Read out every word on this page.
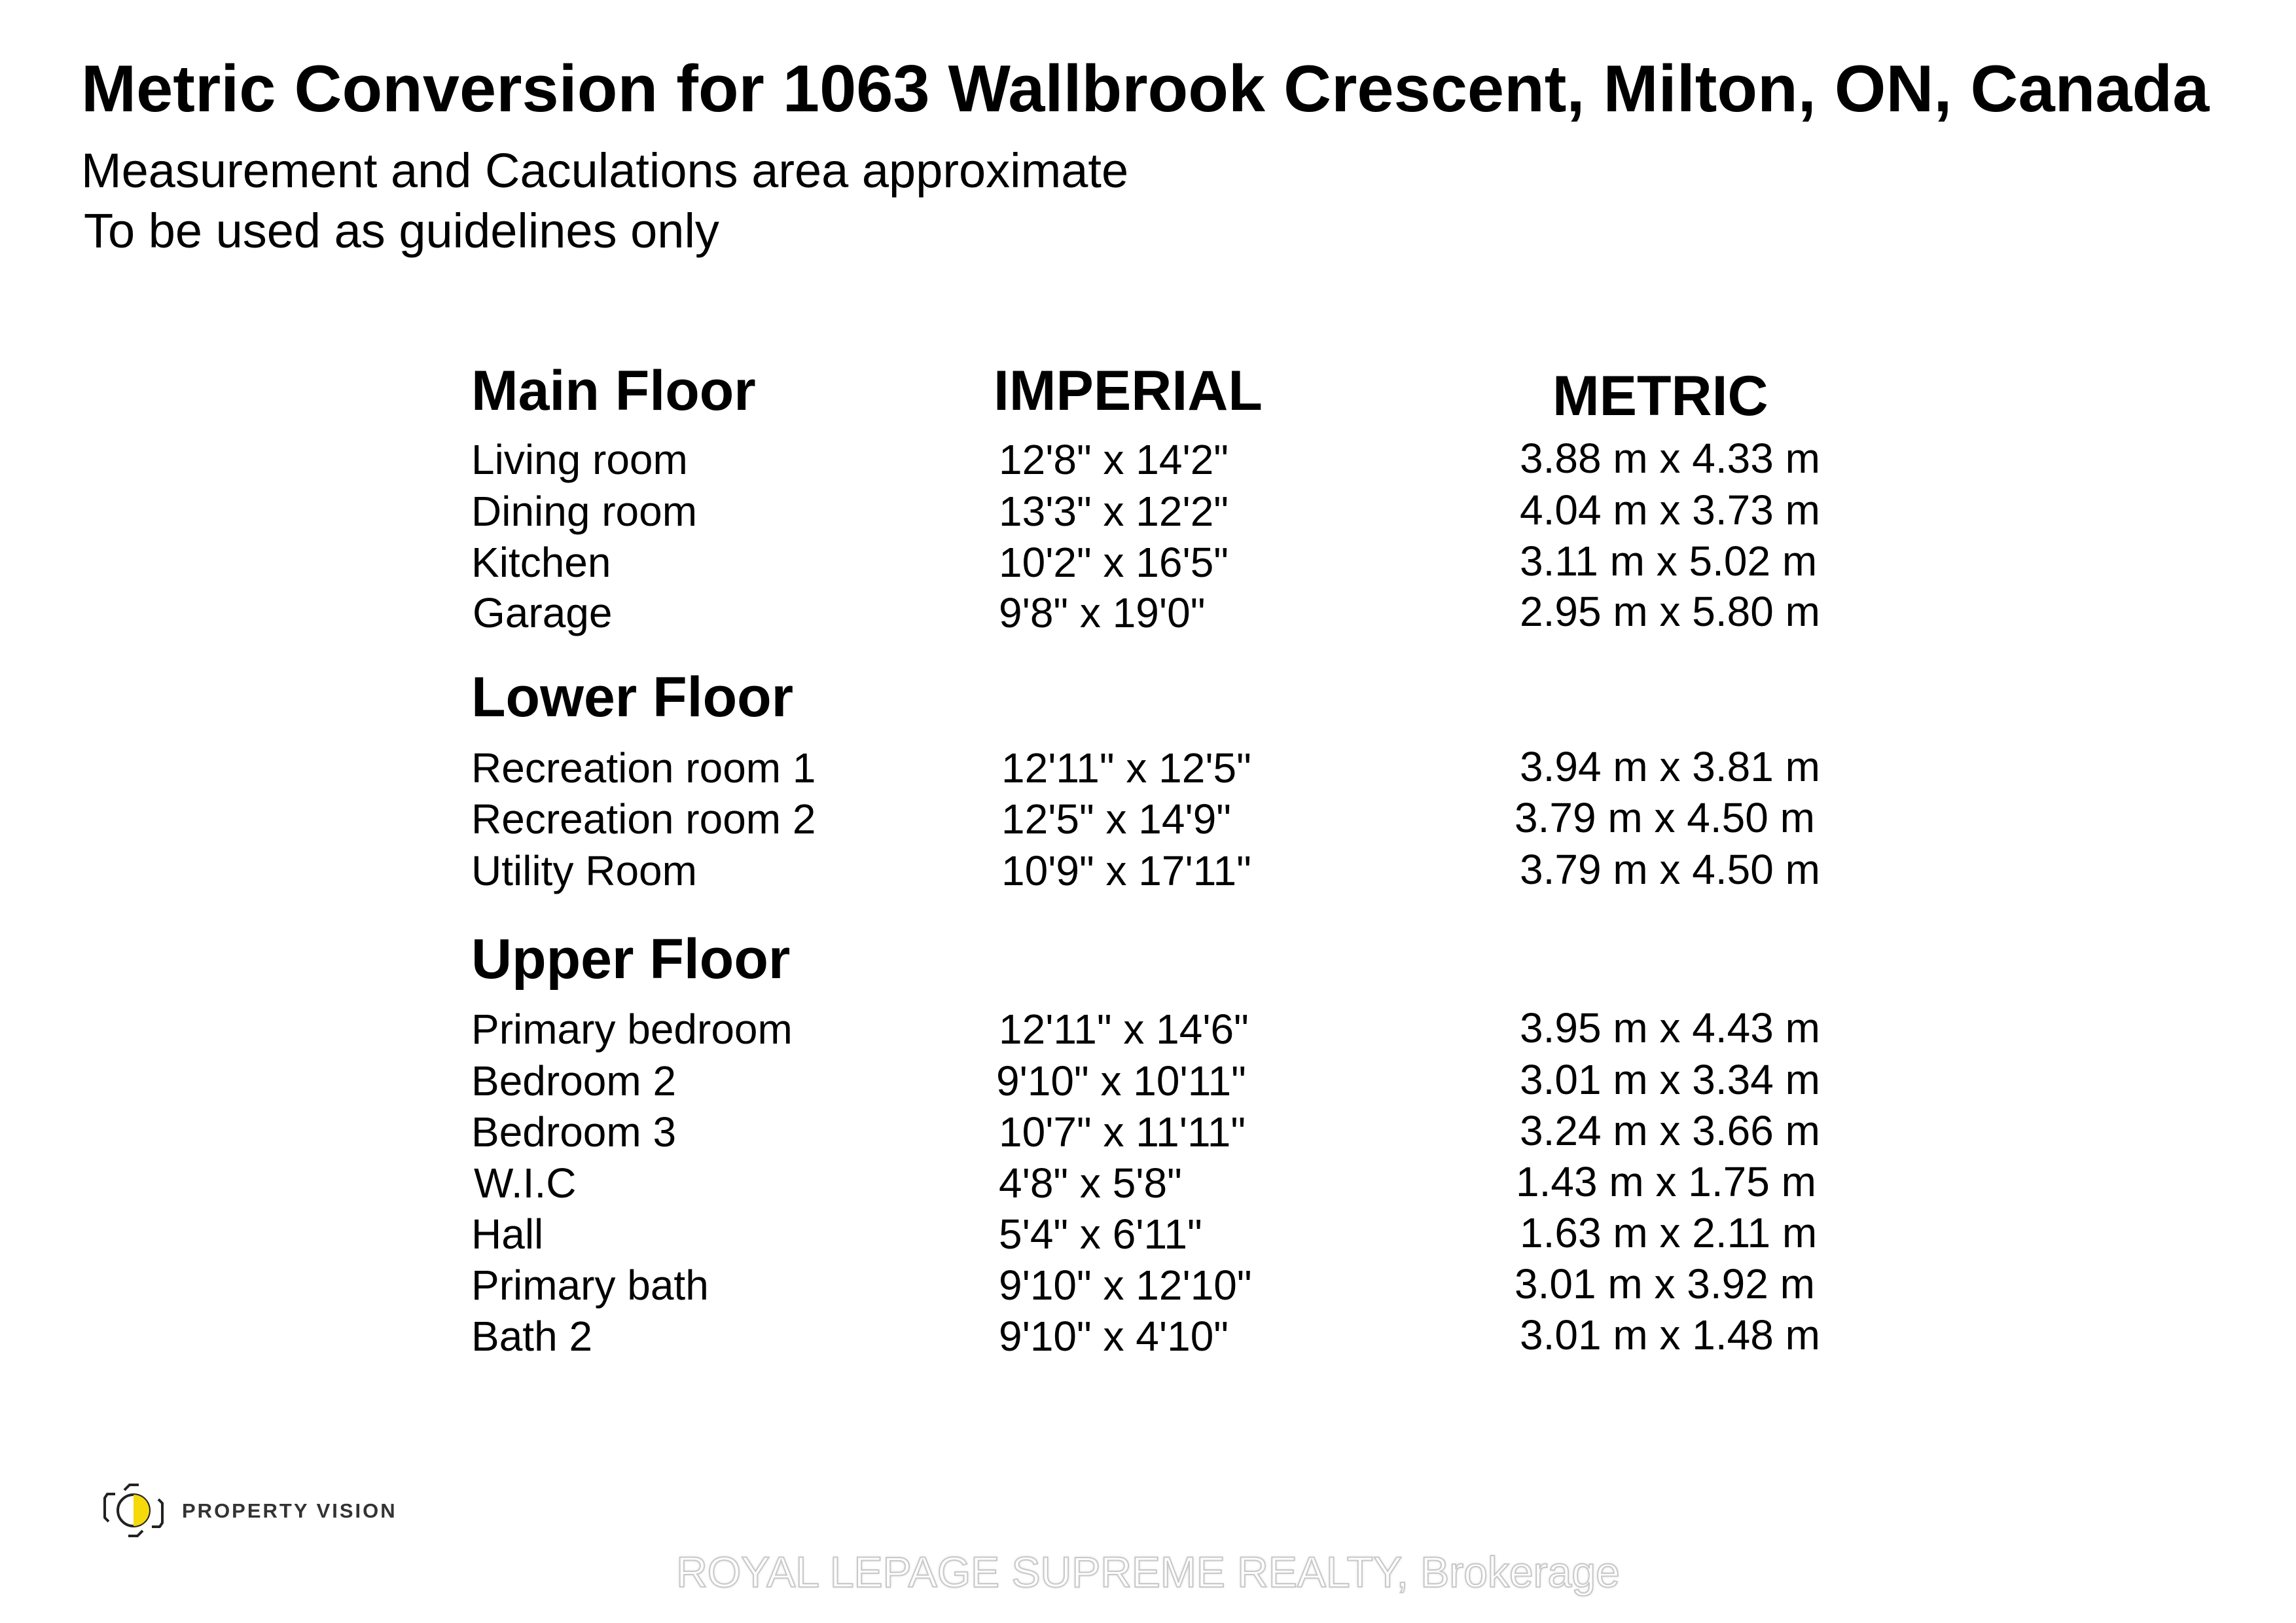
Metric Conversion for 1063 Wallbrook Crescent, Milton, ON, Canada
Measurement and Caculations area approximate
To be used as guidelines only
Main Floor	IMPERIAL	METRIC
Living room	12'8" x 14'2"	3.88 m x 4.33 m
Dining room	13'3" x 12'2"	4.04 m x 3.73 m
Kitchen	10'2" x 16'5"	3.11 m x 5.02 m
Garage	9'8" x 19'0"	2.95 m x 5.80 m
Lower Floor
Recreation room 1	12'11" x 12'5"	3.94 m x 3.81 m
Recreation room 2	12'5" x 14'9"	3.79 m x 4.50 m
Utility Room	10'9" x 17'11"	3.79 m x 4.50 m
Upper Floor
Primary bedroom	12'11" x 14'6"	3.95 m x 4.43 m
Bedroom 2	9'10" x 10'11"	3.01 m x 3.34 m
Bedroom 3	10'7" x 11'11"	3.24 m x 3.66 m
W.I.C	4'8" x 5'8"	1.43 m x 1.75 m
Hall	5'4" x 6'11"	1.63 m x 2.11 m
Primary bath	9'10" x 12'10"	3.01 m x 3.92 m
Bath 2	9'10" x 4'10"	3.01 m x 1.48 m
PROPERTY VISION
ROYAL LEPAGE SUPREME REALTY, Brokerage
